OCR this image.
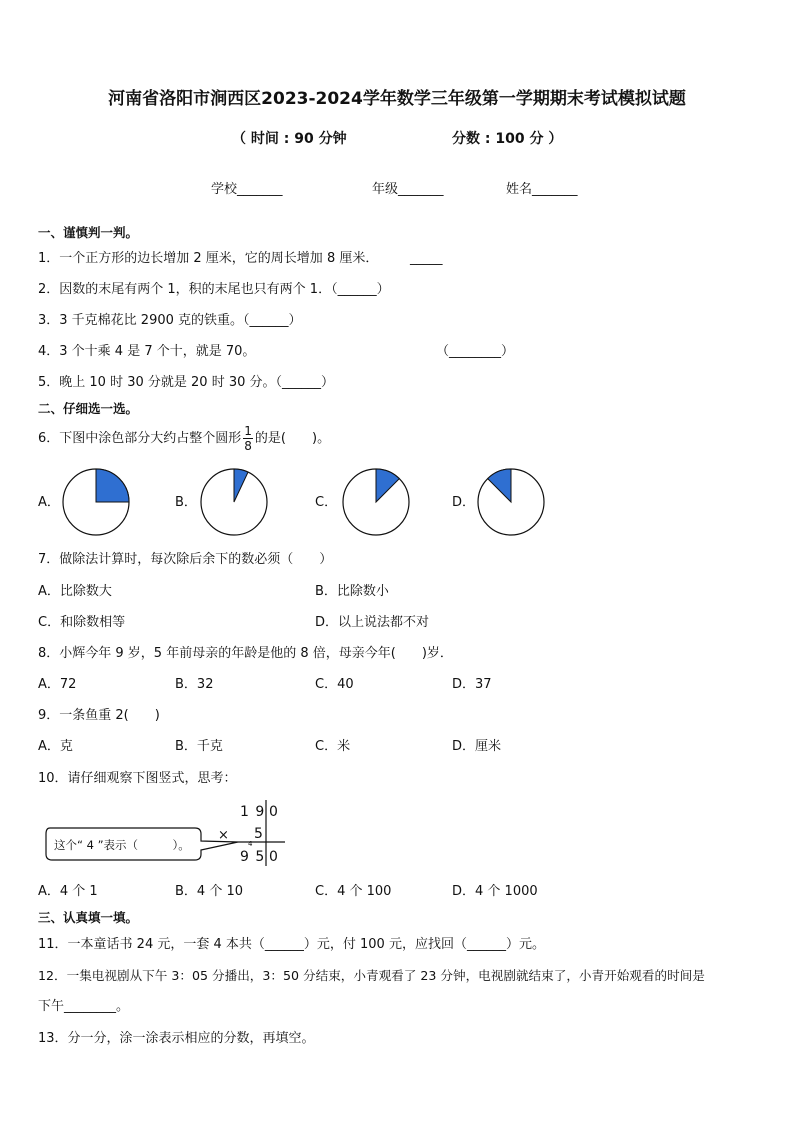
河南省洛阳市涧西区2023-2024学年数学三年级第一学期期末考试模拟试题
（ 时间 : 90 分钟	分数 : 100 分 ）
学校_______	年级_______	姓名_______
一、谨慎判一判。
1．一个正方形的边长增加 2 厘米，它的周长增加 8 厘米． _____
2．因数的末尾有两个 1，积的末尾也只有两个 1．（______）
3．3 千克棉花比 2900 克的铁重。（______）
4．3 个十乘 4 是 7 个十，就是 70。	（________）
5．晚上 10 时 30 分就是 20 时 30 分。（______）
二、仔细选一选。
6．下图中涂色部分大约占整个圆形 $\frac{1}{8}$ 的是(　　)。
A．	B．	C．	D．
7．做除法计算时，每次除后余下的数必须（　　）
A．比除数大	B．比除数小
C．和除数相等	D．以上说法都不对
8．小辉今年 9 岁，5 年前母亲的年龄是他的 8 倍，母亲今年(　　)岁．
A．72	B．32	C．40	D．37
9．一条鱼重 2(　　)
A．克	B．千克	C．米	D．厘米
10．请仔细观察下图竖式，思考：
这个“ 4 ”表示（　　　）。
1 9 0
×
4
5
9 5 0
A．4 个 1	B．4 个 10	C．4 个 100	D．4 个 1000
三、认真填一填。
11．一本童话书 24 元，一套 4 本共（______）元，付 100 元，应找回（______）元。
12．一集电视剧从下午 3：05 分播出，3：50 分结束，小青观看了 23 分钟，电视剧就结束了，小青开始观看的时间是
下午________。
13．分一分，涂一涂表示相应的分数，再填空。
